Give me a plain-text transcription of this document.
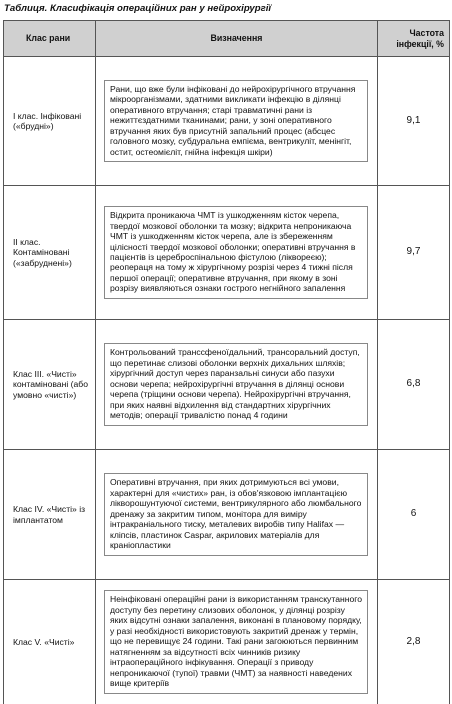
Таблиця. Класифікація операційних ран у нейрохірургії
Клас рани	Визначення	Частота інфекції, %
I клас. Інфіковані («брудні»)	Рани, що вже були інфіковані до нейрохірургічного втручання мікроорганізмами, здатними викликати інфекцію в ділянці оперативного втручання; старі травматичні рани із нежиттєздатними тканинами; рани, у зоні оперативного втручання яких був присутній запальний процес (абсцес головного мозку, субдуральна емпієма, вентрикуліт, менінгіт, остит, остеомієліт, гнійна інфекція шкіри)	9,1
II клас. Контаміновані («забруднені»)	Відкрита проникаюча ЧМТ із ушкодженням кісток черепа, твердої мозкової оболонки та мозку; відкрита непроникаюча ЧМТ із ушкодженням кісток черепа, але із збереженням цілісності твердої мозкової оболонки; оперативні втручання в пацієнтів із цереброспінальною фістулою (ліквореєю); реопераця на тому ж хірургічному розрізі через 4 тижні після першої операції; оперативне втручання, при якому в зоні розрізу виявляються ознаки гострого негнійного запалення	9,7
Клас III. «Чисті» контаміновані (або умовно «чисті»)	Контрольований транссфеноїдальний, трансоральний доступ, що перетинає слизові оболонки верхніх дихальних шляхів; хірургічний доступ через паранзальні синуси або пазухи основи черепа; нейрохірургічні втручання в ділянці основи черепа (тріщини основи черепа). Нейрохірургічні втручання, при яких наявні відхилення від стандартних хірургічних методів; операції тривалістю понад 4 години	6,8
Клас IV. «Чисті» із імплантатом	Оперативні втручання, при яких дотримуються всі умови, характерні для «чистих» ран, із обов'язковою імплантацією лікворошунтуючої системи, вентрикулярного або люмбального дренажу за закритим типом, монітора для виміру інтракраніального тиску, металевих виробів типу Halifax — кліпсів, пластинок Caspar, акрилових матеріалів для краніопластики	6
Клас V. «Чисті»	Неінфіковані операційні рани із використанням транскутанного доступу без перетину слизових оболонок, у ділянці розрізу яких відсутні ознаки запалення, виконані в плановому порядку, у разі необхідності використовують закритий дренаж у термін, що не перевищує 24 години. Такі рани загоюються первинним натягненням за відсутності всіх чинників ризику інтраопераційного інфікування. Операції з приводу непроникаючої (тупої) травми (ЧМТ) за наявності наведених вище критеріїв	2,8
